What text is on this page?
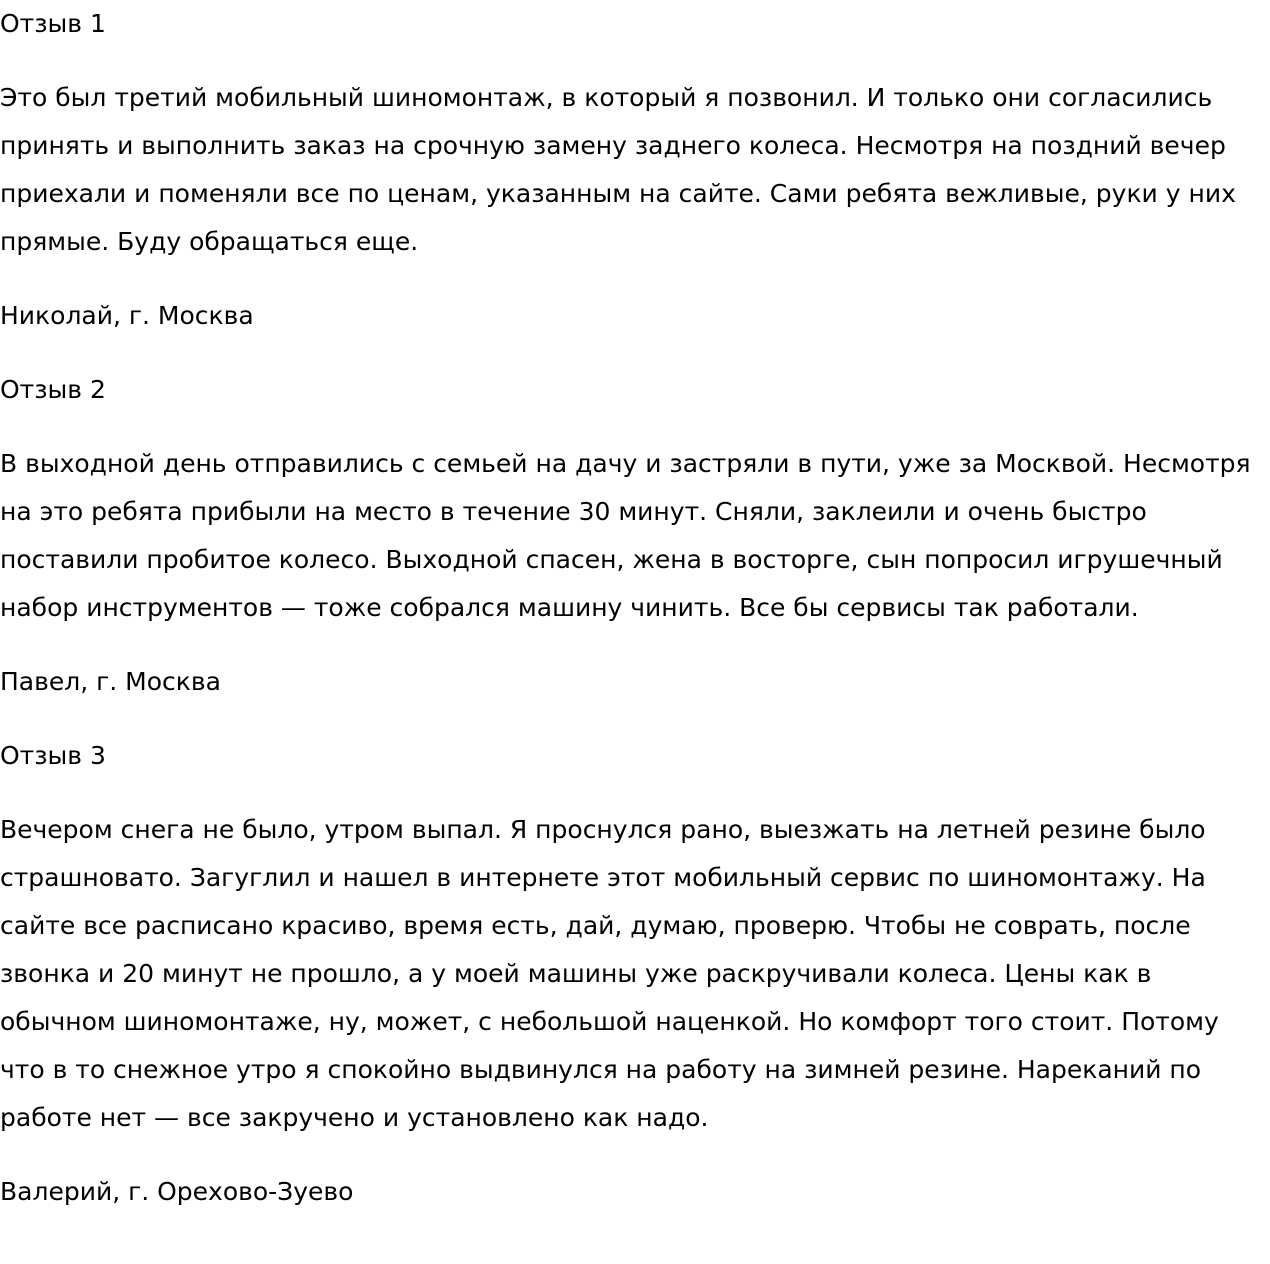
Отзыв 1

Это был третий мобильный шиномонтаж, в который я позвонил. И только они согласились принять и выполнить заказ на срочную замену заднего колеса. Несмотря на поздний вечер приехали и поменяли все по ценам, указанным на сайте. Сами ребята вежливые, руки у них прямые. Буду обращаться еще.

Николай, г. Москва

Отзыв 2

В выходной день отправились с семьей на дачу и застряли в пути, уже за Москвой. Несмотря на это ребята прибыли на место в течение 30 минут. Сняли, заклеили и очень быстро поставили пробитое колесо. Выходной спасен, жена в восторге, сын попросил игрушечный набор инструментов — тоже собрался машину чинить. Все бы сервисы так работали.

Павел, г. Москва

Отзыв 3

Вечером снега не было, утром выпал. Я проснулся рано, выезжать на летней резине было страшновато. Загуглил и нашел в интернете этот мобильный сервис по шиномонтажу. На сайте все расписано красиво, время есть, дай, думаю, проверю. Чтобы не соврать, после звонка и 20 минут не прошло, а у моей машины уже раскручивали колеса. Цены как в обычном шиномонтаже, ну, может, с небольшой наценкой. Но комфорт того стоит. Потому что в то снежное утро я спокойно выдвинулся на работу на зимней резине. Нареканий по работе нет — все закручено и установлено как надо.

Валерий, г. Орехово-Зуево
